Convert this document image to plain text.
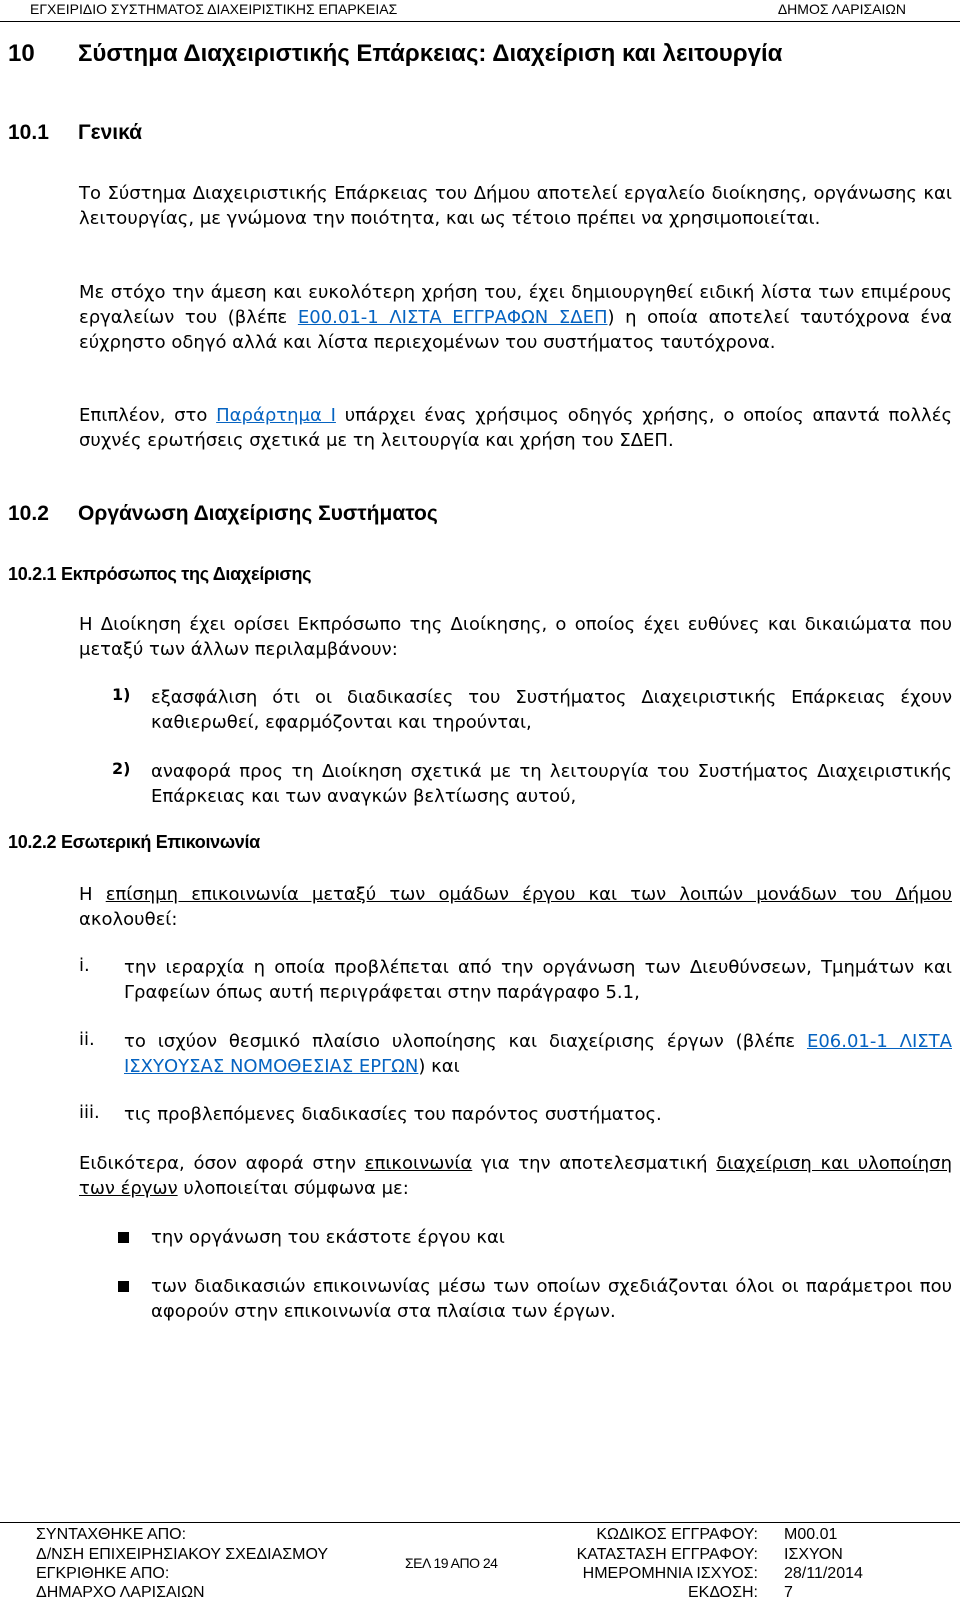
ΕΓΧΕΙΡΙΔΙΟ ΣΥΣΤΗΜΑΤΟΣ ΔΙΑΧΕΙΡΙΣΤΙΚΗΣ ΕΠΑΡΚΕΙΑΣ	ΔΗΜΟΣ ΛΑΡΙΣΑΙΩΝ
10 Σύστημα Διαχειριστικής Επάρκειας: Διαχείριση και λειτουργία
10.1 Γενικά
Το Σύστημα Διαχειριστικής Επάρκειας του Δήμου αποτελεί εργαλείο διοίκησης, οργάνωσης και λειτουργίας, με γνώμονα την ποιότητα, και ως τέτοιο πρέπει να χρησιμοποιείται.
Με στόχο την άμεση και ευκολότερη χρήση του, έχει δημιουργηθεί ειδική λίστα των επιμέρους εργαλείων του (βλέπε Ε00.01-1 ΛΙΣΤΑ ΕΓΓΡΑΦΩΝ ΣΔΕΠ) η οποία αποτελεί ταυτόχρονα ένα εύχρηστο οδηγό αλλά και λίστα περιεχομένων του συστήματος ταυτόχρονα.
Επιπλέον, στο Παράρτημα Ι υπάρχει ένας χρήσιμος οδηγός χρήσης, ο οποίος απαντά πολλές συχνές ερωτήσεις σχετικά με τη λειτουργία και χρήση του ΣΔΕΠ.
10.2 Οργάνωση Διαχείρισης Συστήματος
10.2.1 Εκπρόσωπος της Διαχείρισης
Η Διοίκηση έχει ορίσει Εκπρόσωπο της Διοίκησης, ο οποίος έχει ευθύνες και δικαιώματα που μεταξύ των άλλων περιλαμβάνουν:
1) εξασφάλιση ότι οι διαδικασίες του Συστήματος Διαχειριστικής Επάρκειας έχουν καθιερωθεί, εφαρμόζονται και τηρούνται,
2) αναφορά προς τη Διοίκηση σχετικά με τη λειτουργία του Συστήματος Διαχειριστικής Επάρκειας και των αναγκών βελτίωσης αυτού,
10.2.2 Εσωτερική Επικοινωνία
Η επίσημη επικοινωνία μεταξύ των ομάδων έργου και των λοιπών μονάδων του Δήμου ακολουθεί:
i. την ιεραρχία η οποία προβλέπεται από την οργάνωση των Διευθύνσεων, Τμημάτων και Γραφείων όπως αυτή περιγράφεται στην παράγραφο 5.1,
ii. το ισχύον θεσμικό πλαίσιο υλοποίησης και διαχείρισης έργων (βλέπε Ε06.01-1 ΛΙΣΤΑ ΙΣΧΥΟΥΣΑΣ ΝΟΜΟΘΕΣΙΑΣ ΕΡΓΩΝ) και
iii. τις προβλεπόμενες διαδικασίες του παρόντος συστήματος.
Ειδικότερα, όσον αφορά στην επικοινωνία για την αποτελεσματική διαχείριση και υλοποίηση των έργων υλοποιείται σύμφωνα με:
την οργάνωση του εκάστοτε έργου και
των διαδικασιών επικοινωνίας μέσω των οποίων σχεδιάζονται όλοι οι παράμετροι που αφορούν στην επικοινωνία στα πλαίσια των έργων.
ΣΥΝΤΑΧΘΗΚΕ ΑΠΟ:
Δ/ΝΣΗ ΕΠΙΧΕΙΡΗΣΙΑΚΟΥ ΣΧΕΔΙΑΣΜΟΥ
ΕΓΚΡΙΘΗΚΕ ΑΠΟ:
ΔΗΜΑΡΧΟ ΛΑΡΙΣΑΙΩΝ
ΣΕΛ 19 ΑΠΟ 24
ΚΩΔΙΚΟΣ ΕΓΓΡΑΦΟΥ: Μ00.01
ΚΑΤΑΣΤΑΣΗ ΕΓΓΡΑΦΟΥ: ΙΣΧΥΟΝ
ΗΜΕΡΟΜΗΝΙΑ ΙΣΧΥΟΣ: 28/11/2014
ΕΚΔΟΣΗ: 7
